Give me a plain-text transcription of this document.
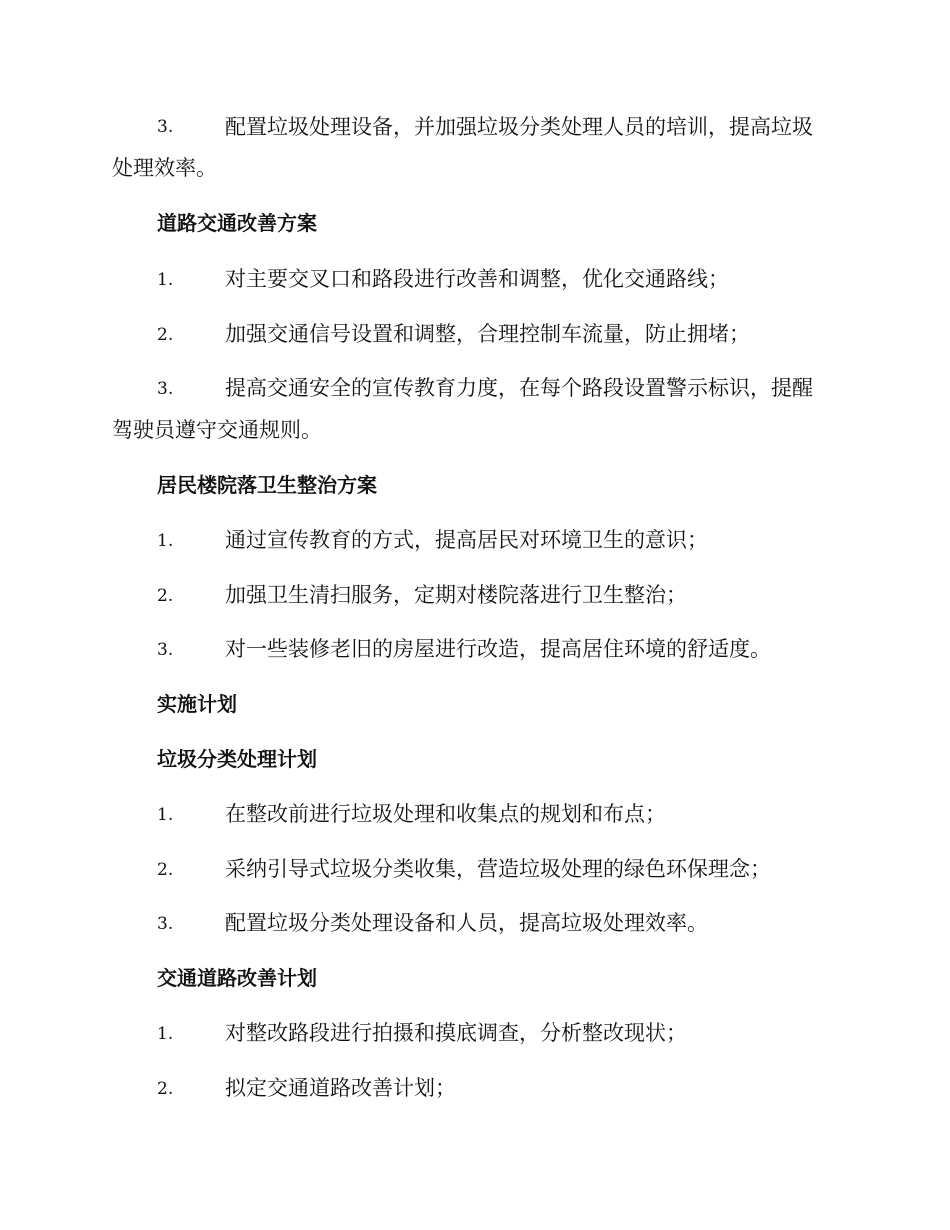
3. 配置垃圾处理设备，并加强垃圾分类处理人员的培训，提高垃圾
处理效率。
道路交通改善方案
1. 对主要交叉口和路段进行改善和调整，优化交通路线；
2. 加强交通信号设置和调整，合理控制车流量，防止拥堵；
3. 提高交通安全的宣传教育力度，在每个路段设置警示标识，提醒
驾驶员遵守交通规则。
居民楼院落卫生整治方案
1. 通过宣传教育的方式，提高居民对环境卫生的意识；
2. 加强卫生清扫服务，定期对楼院落进行卫生整治；
3. 对一些装修老旧的房屋进行改造，提高居住环境的舒适度。
实施计划
垃圾分类处理计划
1. 在整改前进行垃圾处理和收集点的规划和布点；
2. 采纳引导式垃圾分类收集，营造垃圾处理的绿色环保理念；
3. 配置垃圾分类处理设备和人员，提高垃圾处理效率。
交通道路改善计划
1. 对整改路段进行拍摄和摸底调查，分析整改现状；
2. 拟定交通道路改善计划；
